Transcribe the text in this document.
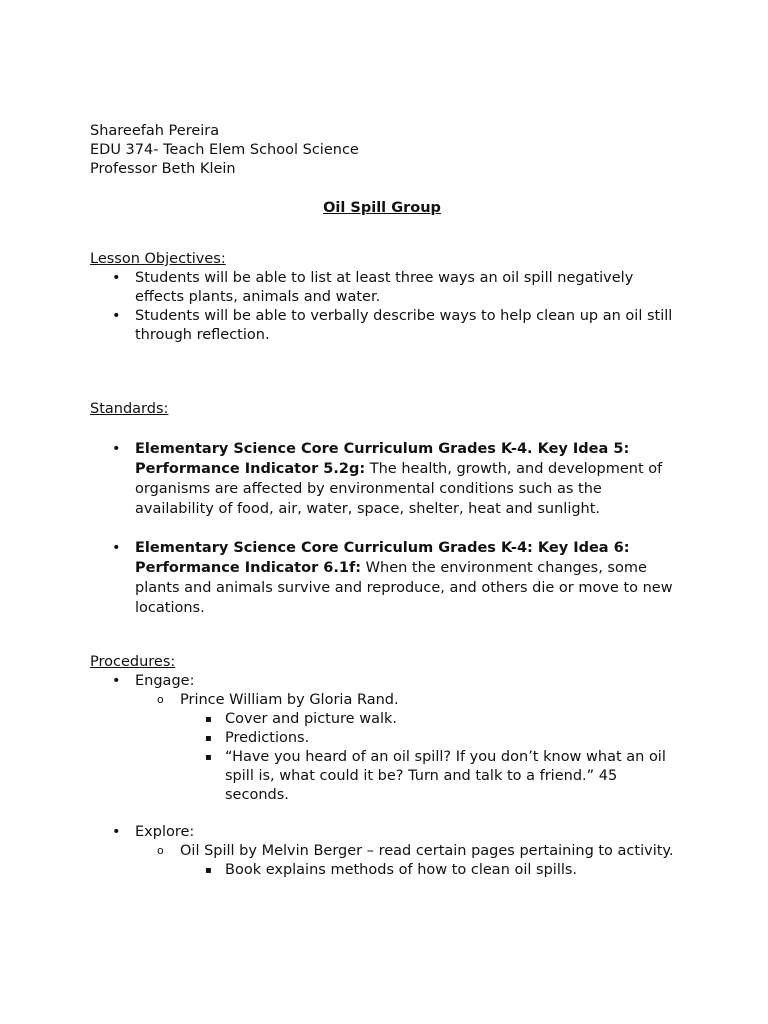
Shareefah Pereira
EDU 374- Teach Elem School Science
Professor Beth Klein
Oil Spill Group
Lesson Objectives:
• Students will be able to list at least three ways an oil spill negatively effects plants, animals and water.
• Students will be able to verbally describe ways to help clean up an oil still through reflection.
Standards:
• Elementary Science Core Curriculum Grades K-4. Key Idea 5: Performance Indicator 5.2g: The health, growth, and development of organisms are affected by environmental conditions such as the availability of food, air, water, space, shelter, heat and sunlight.
• Elementary Science Core Curriculum Grades K-4: Key Idea 6: Performance Indicator 6.1f: When the environment changes, some plants and animals survive and reproduce, and others die or move to new locations.
Procedures:
• Engage:
o Prince William by Gloria Rand.
▪ Cover and picture walk.
▪ Predictions.
▪ “Have you heard of an oil spill? If you don’t know what an oil spill is, what could it be? Turn and talk to a friend.” 45 seconds.
• Explore:
o Oil Spill by Melvin Berger – read certain pages pertaining to activity.
▪ Book explains methods of how to clean oil spills.
